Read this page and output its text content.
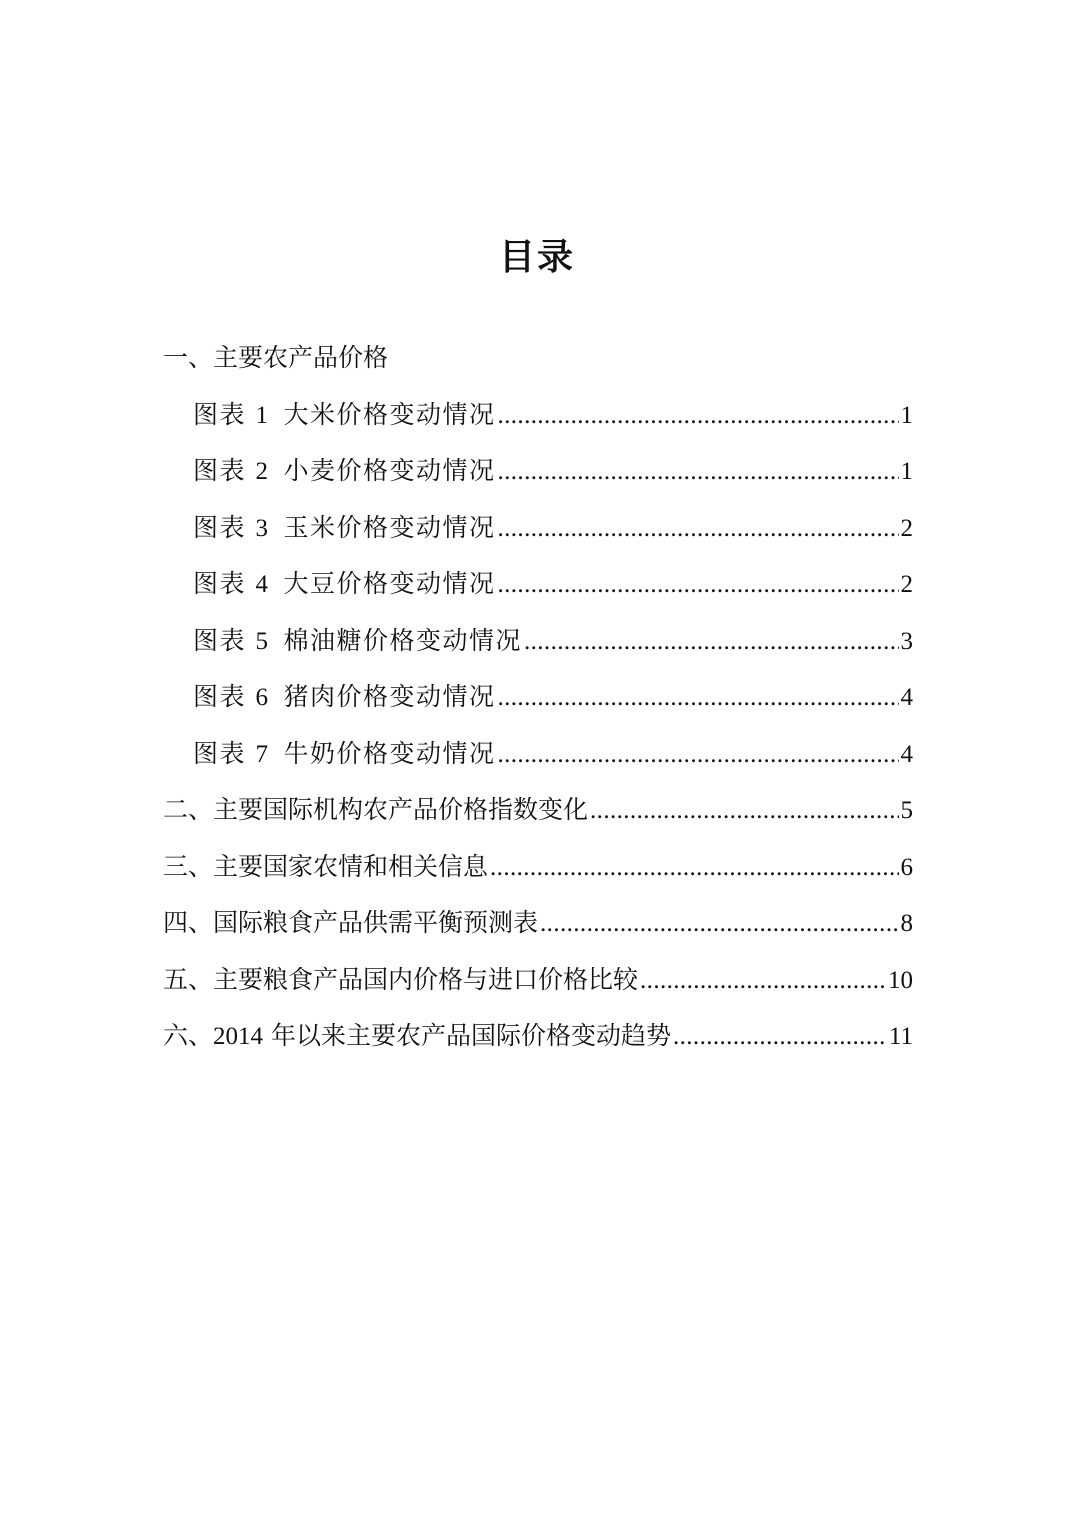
目录
一、主要农产品价格
图表 1 大米价格变动情况 .....	1
图表 2 小麦价格变动情况 .....	1
图表 3 玉米价格变动情况 .....	2
图表 4 大豆价格变动情况 .....	2
图表 5 棉油糖价格变动情况 .....	3
图表 6 猪肉价格变动情况 .....	4
图表 7 牛奶价格变动情况 .....	4
二、主要国际机构农产品价格指数变化 .....	5
三、主要国家农情和相关信息 .....	6
四、国际粮食产品供需平衡预测表 .....	8
五、主要粮食产品国内价格与进口价格比较 .....	10
六、2014 年以来主要农产品国际价格变动趋势 .....	11
